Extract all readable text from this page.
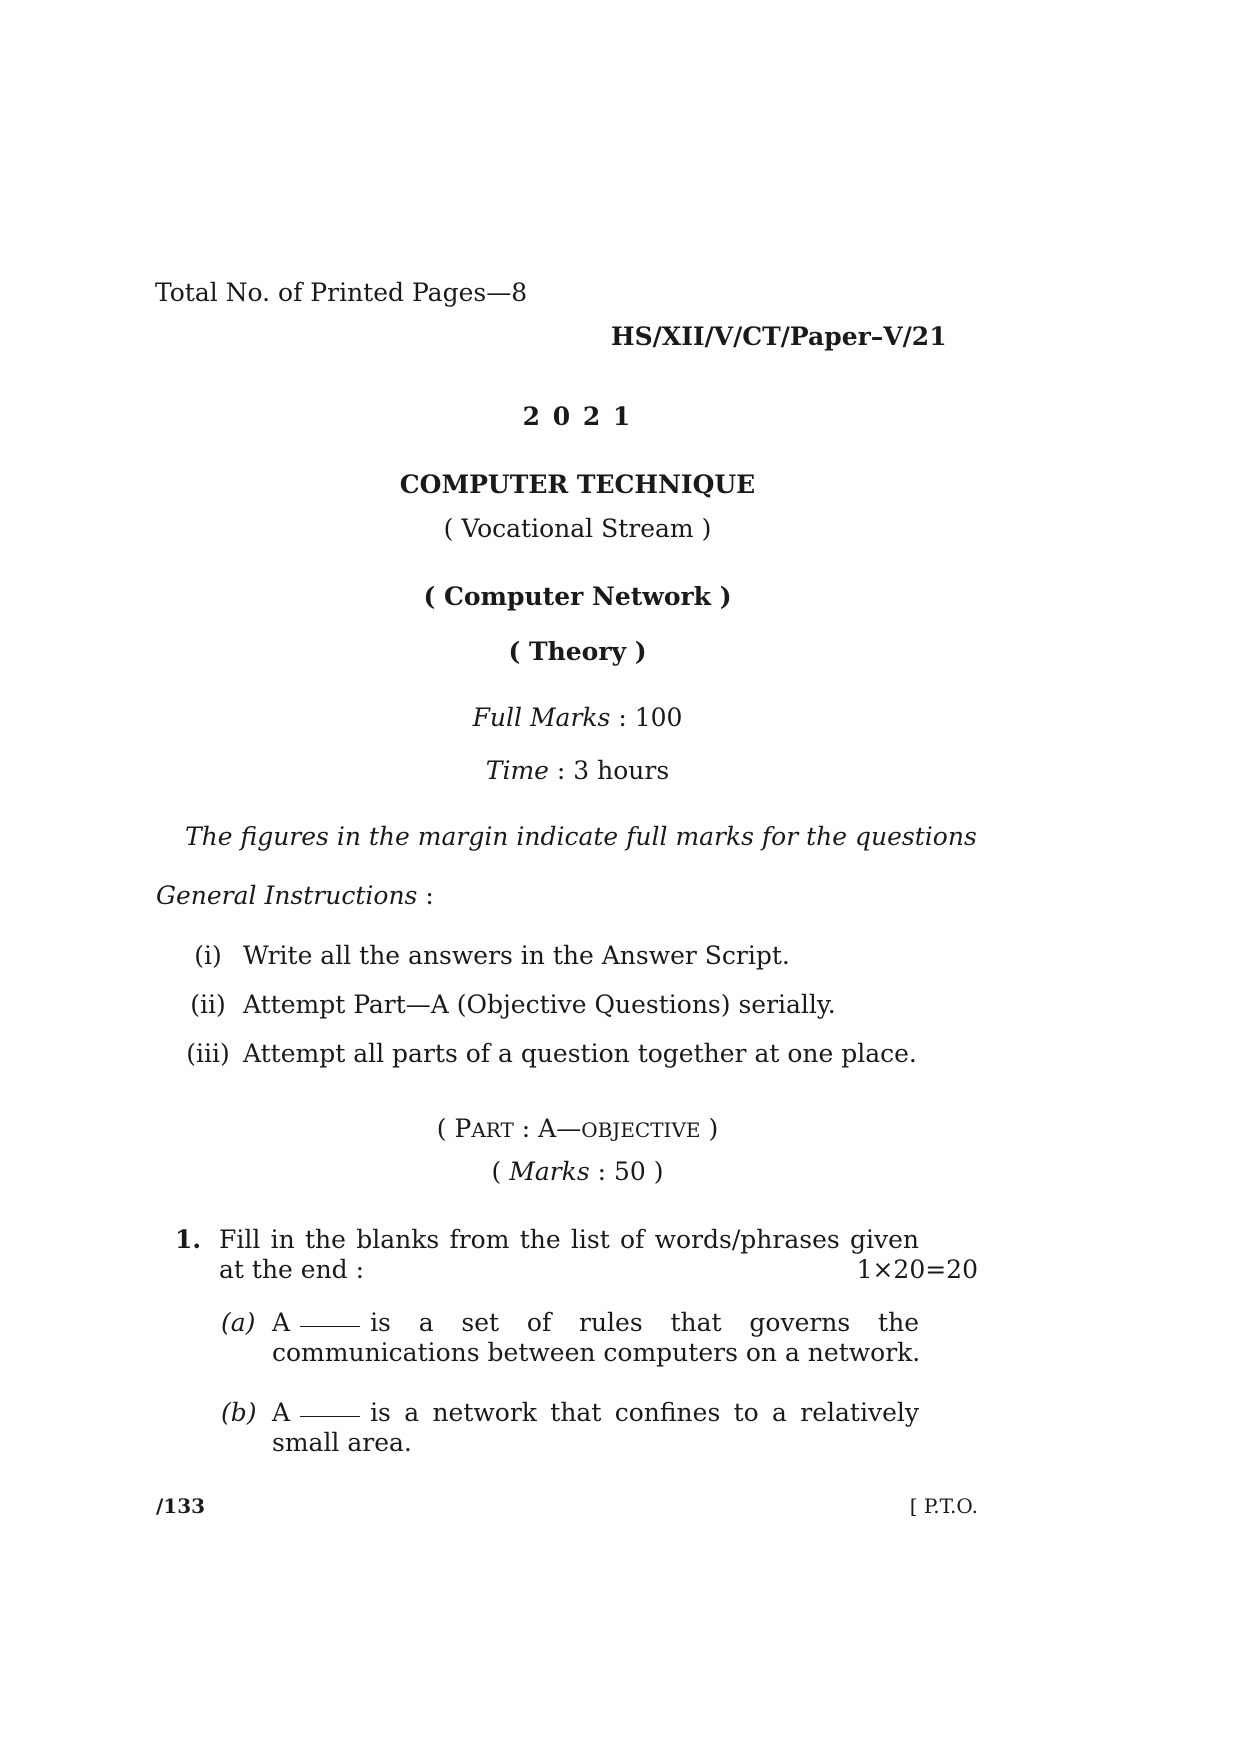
Total No. of Printed Pages—8
HS/XII/V/CT/Paper–V/21
2 0 2 1
COMPUTER TECHNIQUE
( Vocational Stream )
( Computer Network )
( Theory )
Full Marks : 100
Time : 3 hours
The figures in the margin indicate full marks for the questions
General Instructions :
(i) Write all the answers in the Answer Script.
(ii) Attempt Part—A (Objective Questions) serially.
(iii) Attempt all parts of a question together at one place.
( PART : A—OBJECTIVE )
( Marks : 50 )
1. Fill in the blanks from the list of words/phrases given
at the end :	1×20=20
(a) A	is a set of rules that governs the
communications between computers on a network.
(b) A	is a network that confines to a relatively
small area.
/133	[ P.T.O.
